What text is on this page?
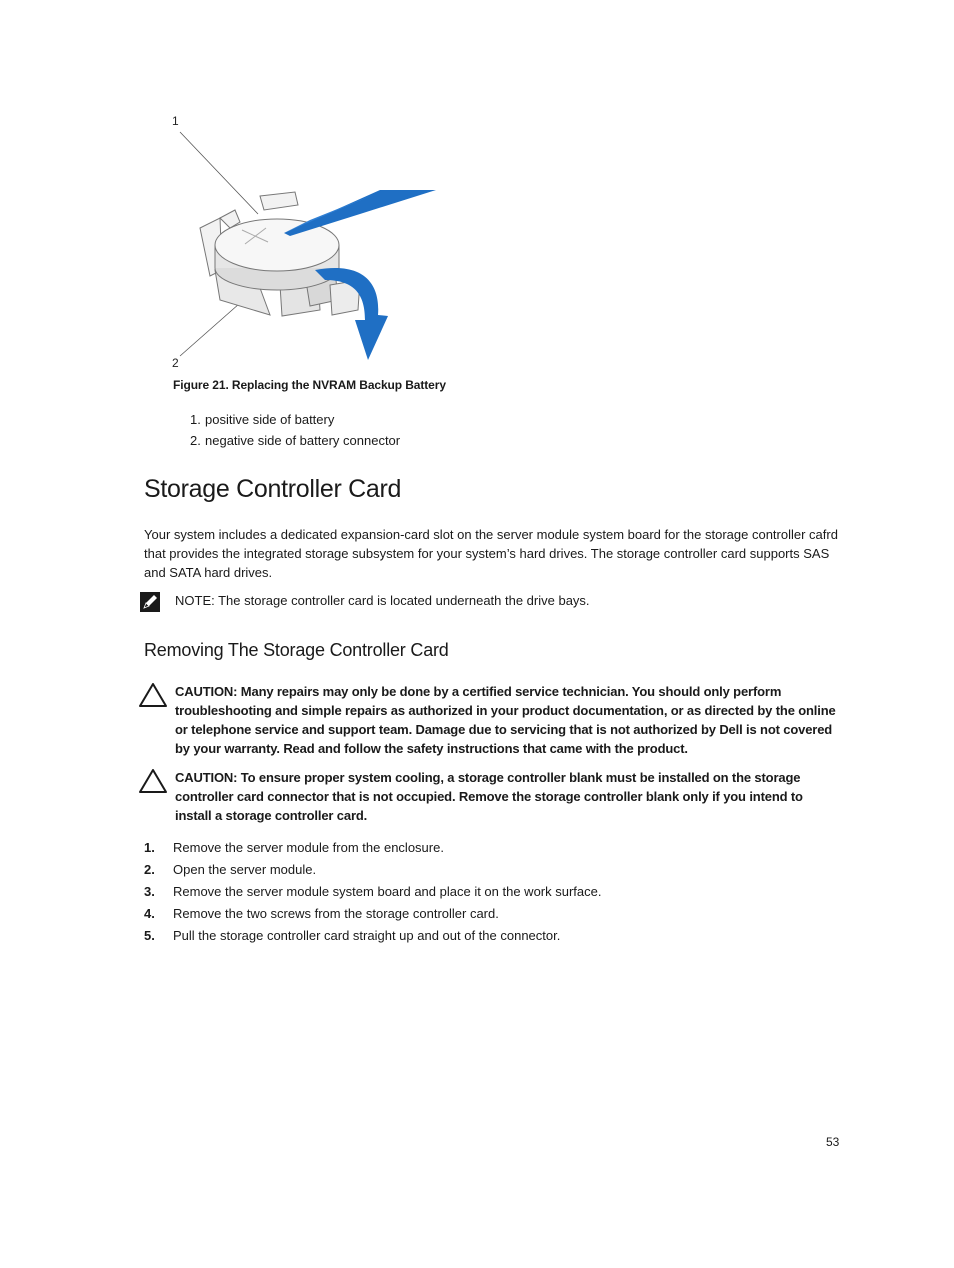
1
2
Figure 21. Replacing the NVRAM Backup Battery
1. positive side of battery
2. negative side of battery connector
Storage Controller Card

Your system includes a dedicated expansion-card slot on the server module system board for the storage controller cafrd that provides the integrated storage subsystem for your system’s hard drives. The storage controller card supports SAS and SATA hard drives.

NOTE: The storage controller card is located underneath the drive bays.
Removing The Storage Controller Card
CAUTION: Many repairs may only be done by a certified service technician. You should only perform troubleshooting and simple repairs as authorized in your product documentation, or as directed by the online or telephone service and support team. Damage due to servicing that is not authorized by Dell is not covered by your warranty. Read and follow the safety instructions that came with the product.
CAUTION: To ensure proper system cooling, a storage controller blank must be installed on the storage controller card connector that is not occupied. Remove the storage controller blank only if you intend to install a storage controller card.
1. Remove the server module from the enclosure.
2. Open the server module.
3. Remove the server module system board and place it on the work surface.
4. Remove the two screws from the storage controller card.
5. Pull the storage controller card straight up and out of the connector.
53
